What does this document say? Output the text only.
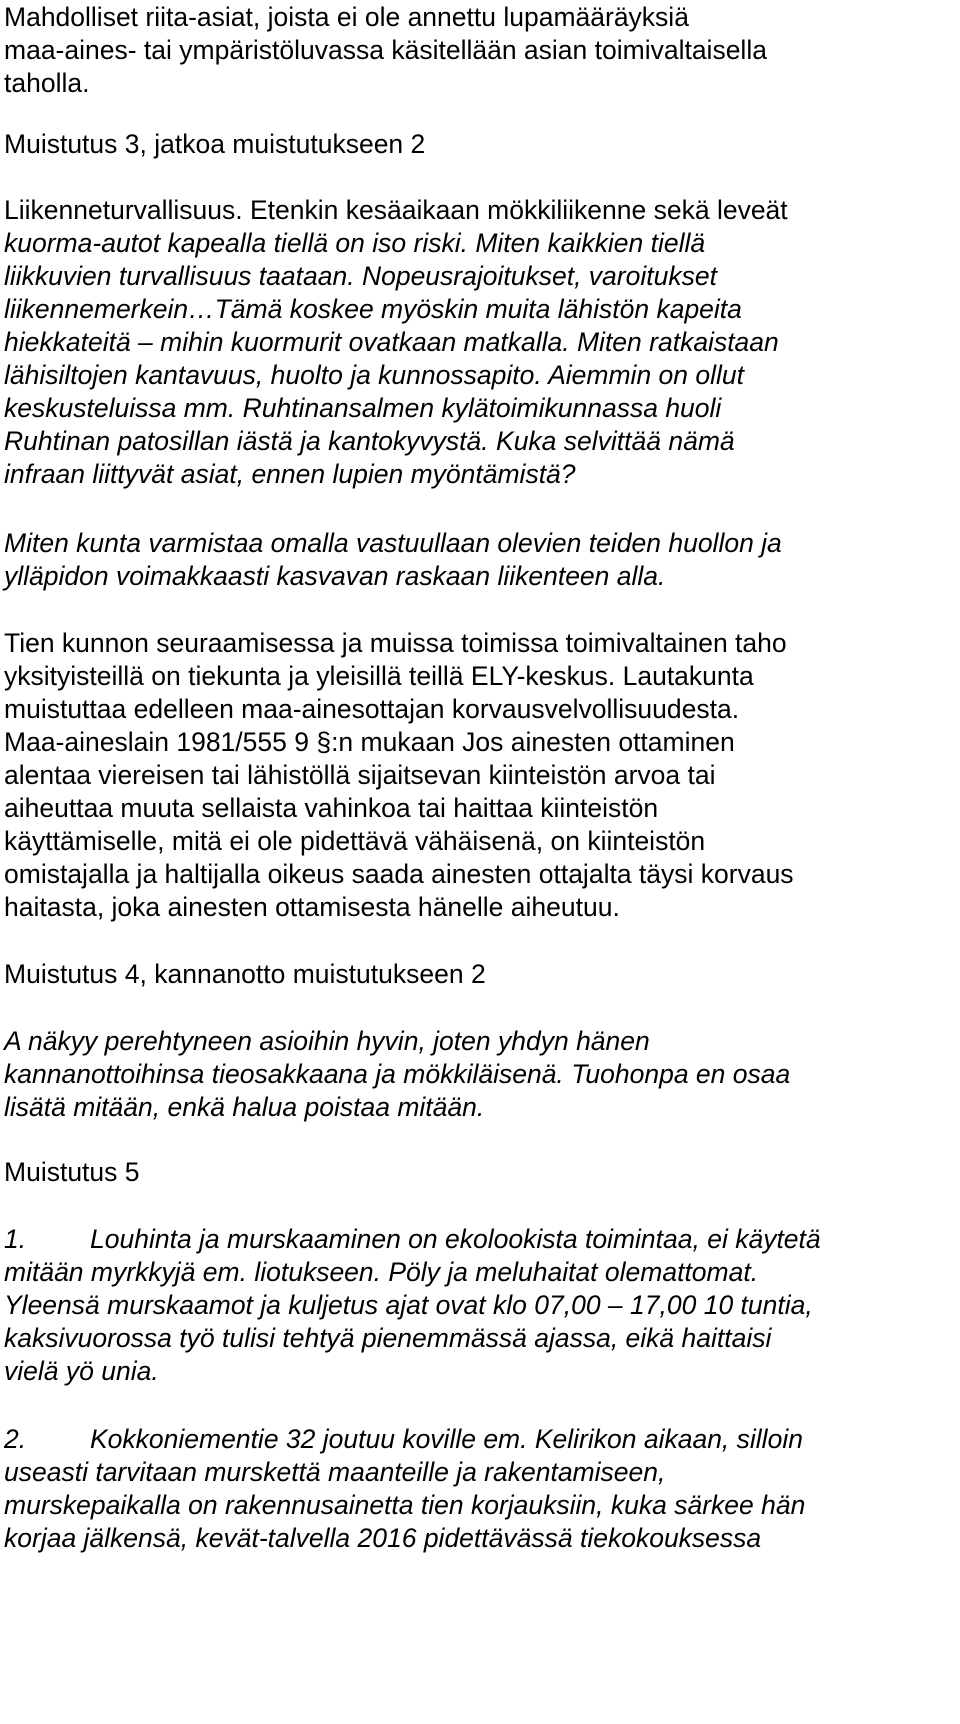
Mahdolliset riita-asiat, joista ei ole annettu lupamääräyksiä
maa-aines- tai ympäristöluvassa käsitellään asian toimivaltaisella
taholla.
Muistutus 3, jatkoa muistutukseen 2
Liikenneturvallisuus. Etenkin kesäaikaan mökkiliikenne sekä leveät
kuorma-autot kapealla tiellä on iso riski. Miten kaikkien tiellä
liikkuvien turvallisuus taataan. Nopeusrajoitukset, varoitukset
liikennemerkein…Tämä koskee myöskin muita lähistön kapeita
hiekkateitä – mihin kuormurit ovatkaan matkalla. Miten ratkaistaan
lähisiltojen kantavuus, huolto ja kunnossapito. Aiemmin on ollut
keskusteluissa mm. Ruhtinansalmen kylätoimikunnassa huoli
Ruhtinan patosillan iästä ja kantokyvystä. Kuka selvittää nämä
infraan liittyvät asiat, ennen lupien myöntämistä?
Miten kunta varmistaa omalla vastuullaan olevien teiden huollon ja
ylläpidon voimakkaasti kasvavan raskaan liikenteen alla.
Tien kunnon seuraamisessa ja muissa toimissa toimivaltainen taho
yksityisteillä on tiekunta ja yleisillä teillä ELY-keskus. Lautakunta
muistuttaa edelleen maa-ainesottajan korvausvelvollisuudesta.
Maa-aineslain 1981/555 9 §:n mukaan Jos ainesten ottaminen
alentaa viereisen tai lähistöllä sijaitsevan kiinteistön arvoa tai
aiheuttaa muuta sellaista vahinkoa tai haittaa kiinteistön
käyttämiselle, mitä ei ole pidettävä vähäisenä, on kiinteistön
omistajalla ja haltijalla oikeus saada ainesten ottajalta täysi korvaus
haitasta, joka ainesten ottamisesta hänelle aiheutuu.
Muistutus 4, kannanotto muistutukseen 2
A näkyy perehtyneen asioihin hyvin, joten yhdyn hänen
kannanottoihinsa tieosakkaana ja mökkiläisenä. Tuohonpa en osaa
lisätä mitään, enkä halua poistaa mitään.
Muistutus 5
1. Louhinta ja murskaaminen on ekolookista toimintaa, ei käytetä
mitään myrkkyjä em. liotukseen. Pöly ja meluhaitat olemattomat.
Yleensä murskaamot ja kuljetus ajat ovat klo 07,00 – 17,00 10 tuntia,
kaksivuorossa työ tulisi tehtyä pienemmässä ajassa, eikä haittaisi
vielä yö unia.
2. Kokkoniementie 32 joutuu koville em. Kelirikon aikaan, silloin
useasti tarvitaan murskettä maanteille ja rakentamiseen,
murskepaikalla on rakennusainetta tien korjauksiin, kuka särkee hän
korjaa jälkensä, kevät-talvella 2016 pidettävässä tiekokouksessa
